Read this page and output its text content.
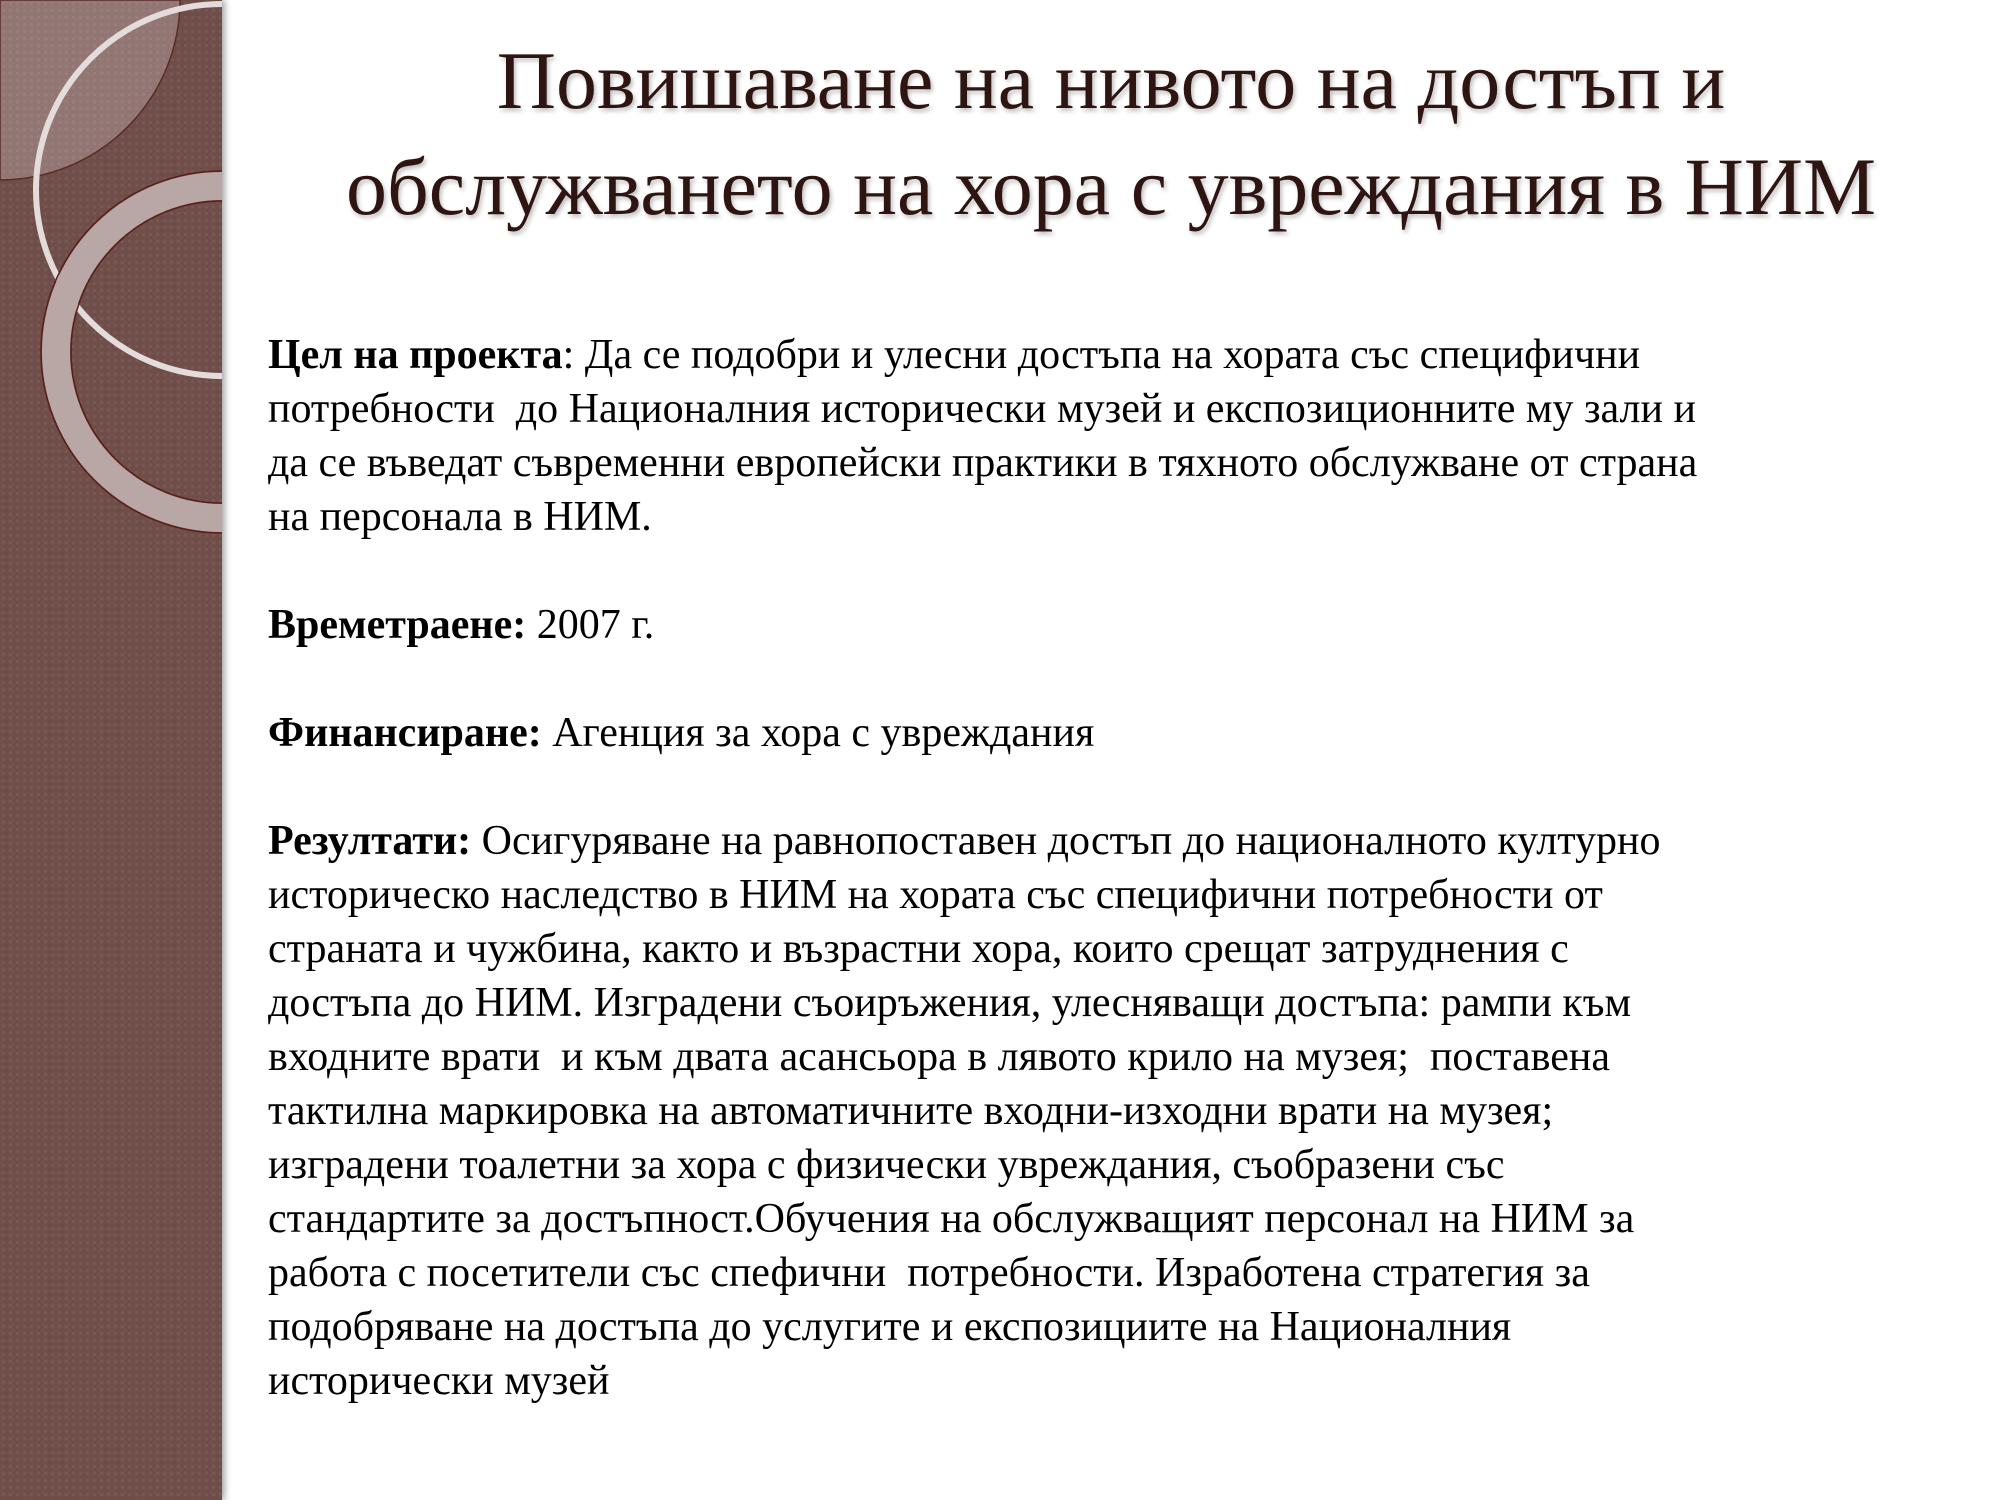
Повишаване на нивото на достъп и
обслужването на хора с увреждания в НИМ
Цел на проекта: Да се подобри и улесни достъпа на хората със специфични
потребности  до Националния исторически музей и експозиционните му зали и
да се въведат съвременни европейски практики в тяхното обслужване от страна
на персонала в НИМ.
Времетраене: 2007 г.
Финансиране: Агенция за хора с увреждания
Резултати: Осигуряване на равнопоставен достъп до националното културно
историческо наследство в НИМ на хората със специфични потребности от
страната и чужбина, както и възрастни хора, които срещат затруднения с
достъпа до НИМ. Изградени съоиръжения, улесняващи достъпа: рампи към
входните врати  и към двата асансьора в лявото крило на музея;  поставена
тактилна маркировка на автоматичните входни-изходни врати на музея;
изградени тоалетни за хора с физически увреждания, съобразени със
стандартите за достъпност.Обучения на обслужващият персонал на НИМ за
работа с посетители със спефични  потребности. Изработена стратегия за
подобряване на достъпа до услугите и експозициите на Националния
исторически музей
